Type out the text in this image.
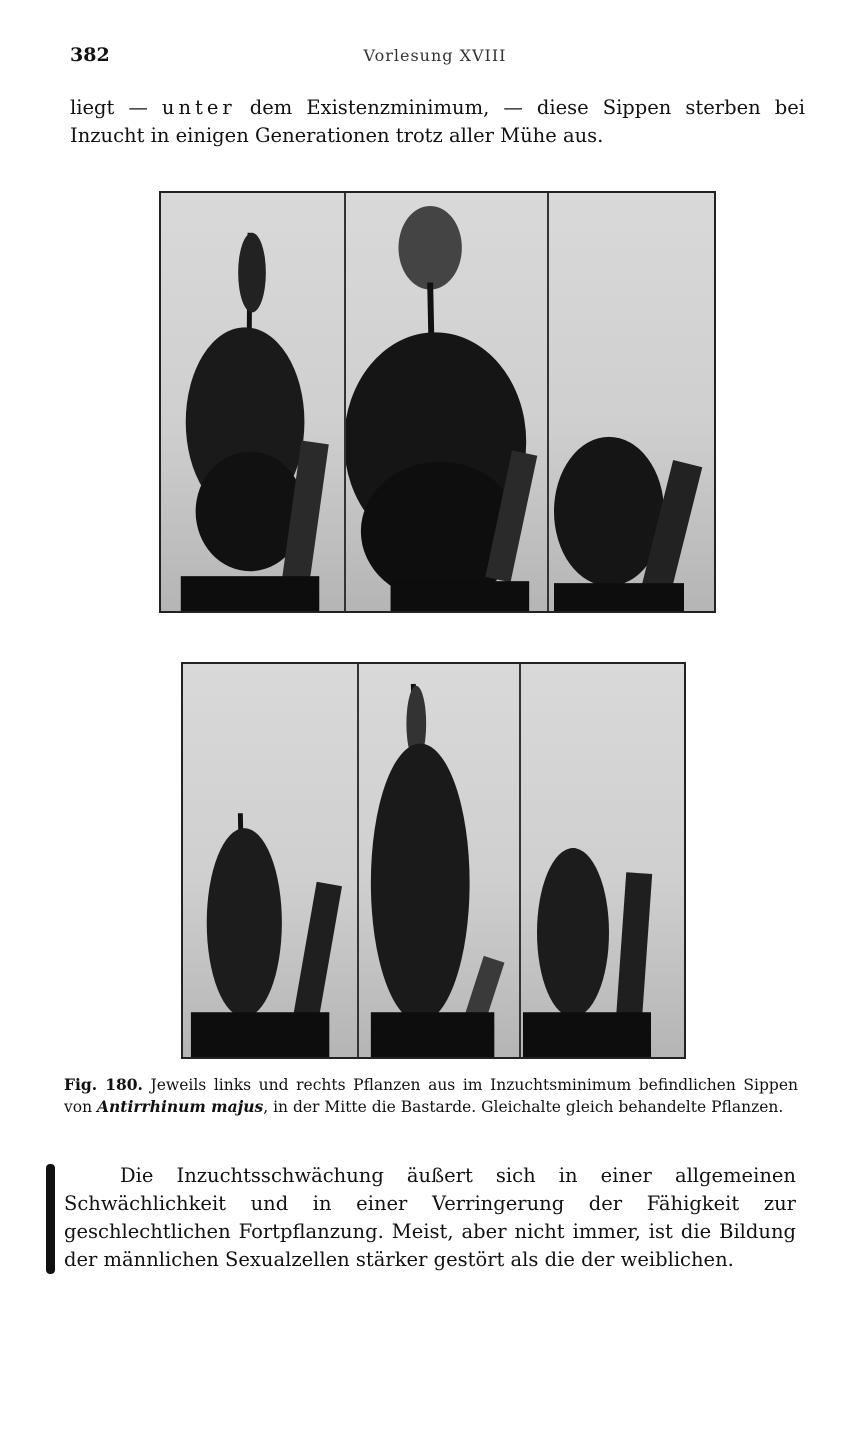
382	Vorlesung XVIII

liegt — unter dem Existenzminimum, — diese Sippen sterben bei Inzucht in einigen Generationen trotz aller Mühe aus.

Fig. 180. Jeweils links und rechts Pflanzen aus im Inzuchtsminimum befindlichen Sippen von Antirrhinum majus, in der Mitte die Bastarde. Gleichalte gleich behandelte Pflanzen.

Die Inzuchtsschwächung äußert sich in einer allgemeinen Schwächlichkeit und in einer Verringerung der Fähigkeit zur geschlechtlichen Fortpflanzung. Meist, aber nicht immer, ist die Bildung der männlichen Sexualzellen stärker gestört als die der weiblichen.
